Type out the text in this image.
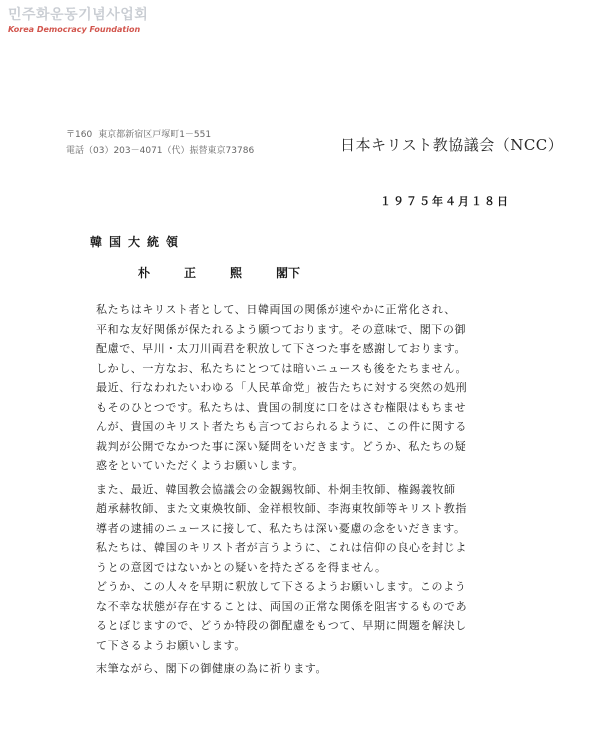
민주화운동기념사업회
Korea Democracy Foundation
〒160 東京都新宿区戸塚町1－551
電話（03）203－4071（代）振替東京73786	日本キリスト教協議会（NCC）
１９７５年４月１８日
韓国大統領
朴	正	熙	閣下
私たちはキリスト者として、日韓両国の関係が速やかに正常化され、
平和な友好関係が保たれるよう願つております。その意味で、閣下の御
配慮で、早川・太刀川両君を釈放して下さつた事を感謝しております。
しかし、一方なお、私たちにとつては暗いニュースも後をたちません。
最近、行なわれたいわゆる「人民革命党」被告たちに対する突然の処刑
もそのひとつです。私たちは、貴国の制度に口をはさむ権限はもちませ
んが、貴国のキリスト者たちも言つておられるように、この件に関する
裁判が公開でなかつた事に深い疑問をいだきます。どうか、私たちの疑
惑をといていただくようお願いします。
また、最近、韓国教会協議会の金観錫牧師、朴炯圭牧師、権錫義牧師
趙承赫牧師、また文東煥牧師、金祥根牧師、李海東牧師等キリスト教指
導者の逮捕のニュースに接して、私たちは深い憂慮の念をいだきます。
私たちは、韓国のキリスト者が言うように、これは信仰の良心を封じよ
うとの意図ではないかとの疑いを持たざるを得ません。
どうか、この人々を早期に釈放して下さるようお願いします。このよう
な不幸な状態が存在することは、両国の正常な関係を阻害するものであ
るとぼじますので、どうか特段の御配慮をもつて、早期に問題を解決し
て下さるようお願いします。
末筆ながら、閣下の御健康の為に祈ります。
